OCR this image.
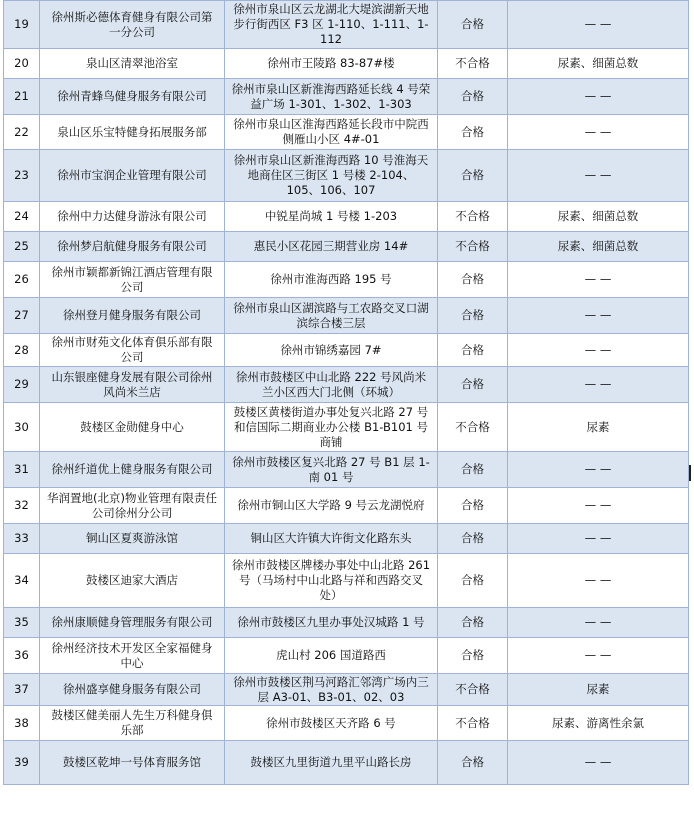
19	徐州斯必德体育健身有限公司第一分公司	徐州市泉山区云龙湖北大堤滨湖新天地步行街西区 F3 区 1-110、1-111、1-112	合格	— —
20	泉山区清翠池浴室	徐州市王陵路 83-87#楼	不合格	尿素、细菌总数
21	徐州青蜂鸟健身服务有限公司	徐州市泉山区新淮海西路延长线 4 号荣益广场 1-301、1-302、1-303	合格	— —
22	泉山区乐宝特健身拓展服务部	徐州市泉山区淮海西路延长段市中院西侧雁山小区 4#-01	合格	— —
23	徐州市宝润企业管理有限公司	徐州市泉山区新淮海西路 10 号淮海天地商住区三街区 1 号楼 2-104、105、106、107	合格	— —
24	徐州中力达健身游泳有限公司	中锐星尚城 1 号楼 1-203	不合格	尿素、细菌总数
25	徐州梦启航健身服务有限公司	惠民小区花园三期营业房 14#	不合格	尿素、细菌总数
26	徐州市颖都新锦江酒店管理有限公司	徐州市淮海西路 195 号	合格	— —
27	徐州登月健身服务有限公司	徐州市泉山区湖滨路与工农路交叉口湖滨综合楼三层	合格	— —
28	徐州市财苑文化体育俱乐部有限公司	徐州市锦绣嘉园 7#	合格	— —
29	山东银座健身发展有限公司徐州风尚米兰店	徐州市鼓楼区中山北路 222 号风尚米兰小区西大门北侧（环城）	合格	— —
30	鼓楼区金勋健身中心	鼓楼区黄楼街道办事处复兴北路 27 号和信国际二期商业办公楼 B1-B101 号商铺	不合格	尿素
31	徐州纤道优上健身服务有限公司	徐州市鼓楼区复兴北路 27 号 B1 层 1-南 01 号	合格	— —
32	华润置地(北京)物业管理有限责任公司徐州分公司	徐州市铜山区大学路 9 号云龙湖悦府	合格	— —
33	铜山区夏爽游泳馆	铜山区大许镇大许街文化路东头	合格	— —
34	鼓楼区迪家大酒店	徐州市鼓楼区牌楼办事处中山北路 261 号（马场村中山北路与祥和西路交叉处）	合格	— —
35	徐州康顺健身管理服务有限公司	徐州市鼓楼区九里办事处汉城路 1 号	合格	— —
36	徐州经济技术开发区全家福健身中心	虎山村 206 国道路西	合格	— —
37	徐州盛享健身服务有限公司	徐州市鼓楼区荆马河路汇邻湾广场内三层 A3-01、B3-01、02、03	不合格	尿素
38	鼓楼区健美丽人先生万科健身俱乐部	徐州市鼓楼区天齐路 6 号	不合格	尿素、游离性余氯
39	鼓楼区乾坤一号体育服务馆	鼓楼区九里街道九里平山路长房	合格	— —
